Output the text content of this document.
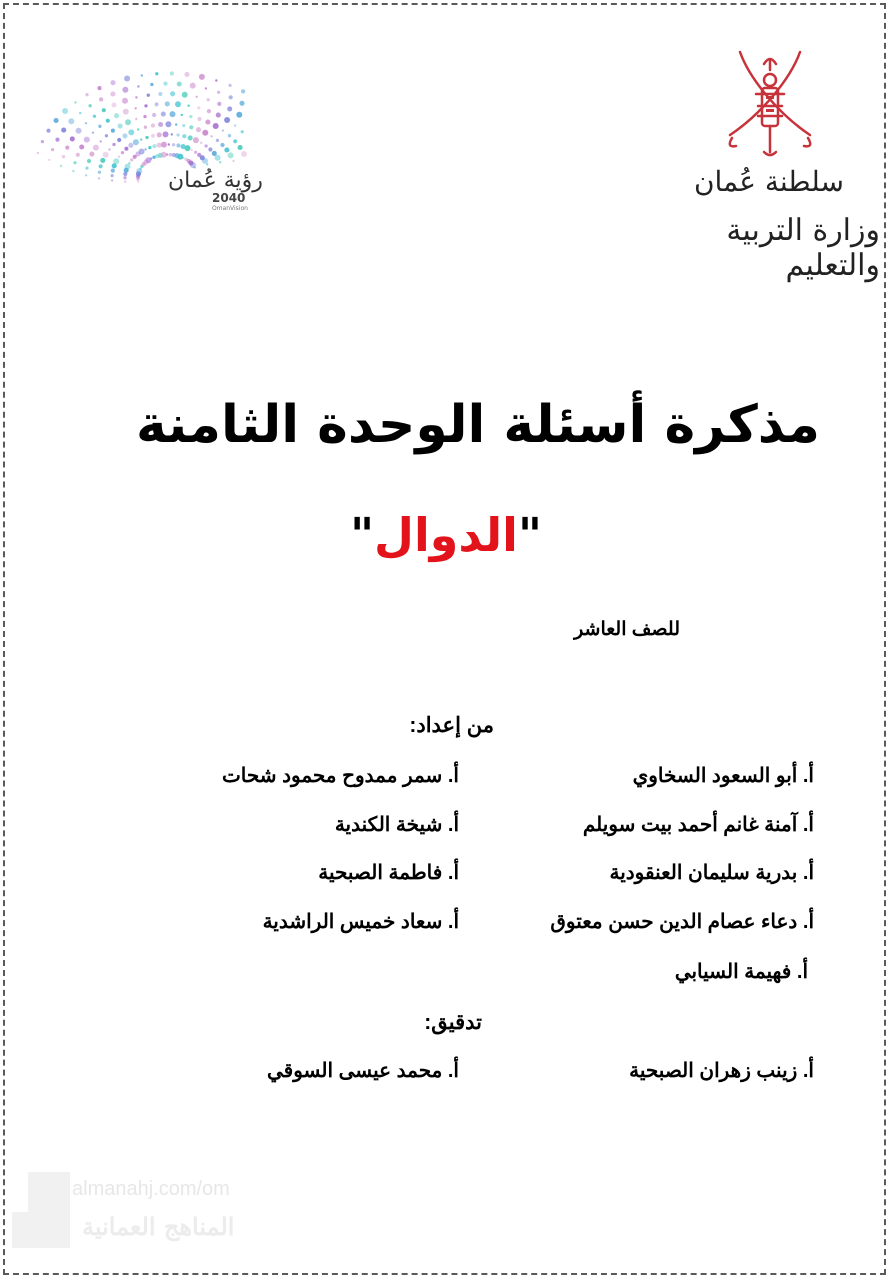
سلطنة عُمان
وزارة التربية والتعليم
رؤية عُمان
2040
OmanVision
مذكرة أسئلة الوحدة الثامنة
"الدوال"
للصف العاشر
من إعداد:
أ. أبو السعود السخاوي
أ. سمر ممدوح محمود شحات
أ. آمنة غانم أحمد بيت سويلم
أ. شيخة الكندية
أ. بدرية سليمان العنقودية
أ. فاطمة الصبحية
أ. دعاء عصام الدين حسن معتوق
أ. سعاد خميس الراشدية
أ. فهيمة السيابي
تدقيق:
أ. زينب زهران الصبحية
أ. محمد عيسى السوقي
almanahj.com/om
المناهج العمانية
